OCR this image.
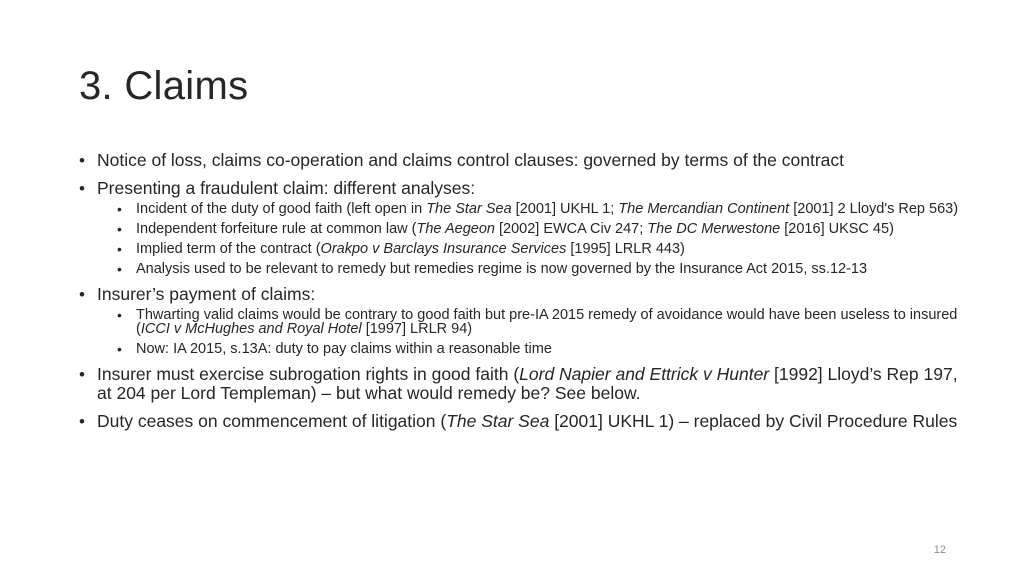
3. Claims
• Notice of loss, claims co-operation and claims control clauses: governed by terms of the contract
• Presenting a fraudulent claim: different analyses:
• Incident of the duty of good faith (left open in The Star Sea [2001] UKHL 1; The Mercandian Continent [2001] 2 Lloyd's Rep 563)
• Independent forfeiture rule at common law (The Aegeon [2002] EWCA Civ 247; The DC Merwestone [2016] UKSC 45)
• Implied term of the contract (Orakpo v Barclays Insurance Services [1995] LRLR 443)
• Analysis used to be relevant to remedy but remedies regime is now governed by the Insurance Act 2015, ss.12-13
• Insurer’s payment of claims:
• Thwarting valid claims would be contrary to good faith but pre-IA 2015 remedy of avoidance would have been useless to insured (ICCI v McHughes and Royal Hotel [1997] LRLR 94)
• Now: IA 2015, s.13A: duty to pay claims within a reasonable time
• Insurer must exercise subrogation rights in good faith (Lord Napier and Ettrick v Hunter [1992] Lloyd’s Rep 197, at 204 per Lord Templeman) – but what would remedy be? See below.
• Duty ceases on commencement of litigation (The Star Sea [2001] UKHL 1) – replaced by Civil Procedure Rules
12
